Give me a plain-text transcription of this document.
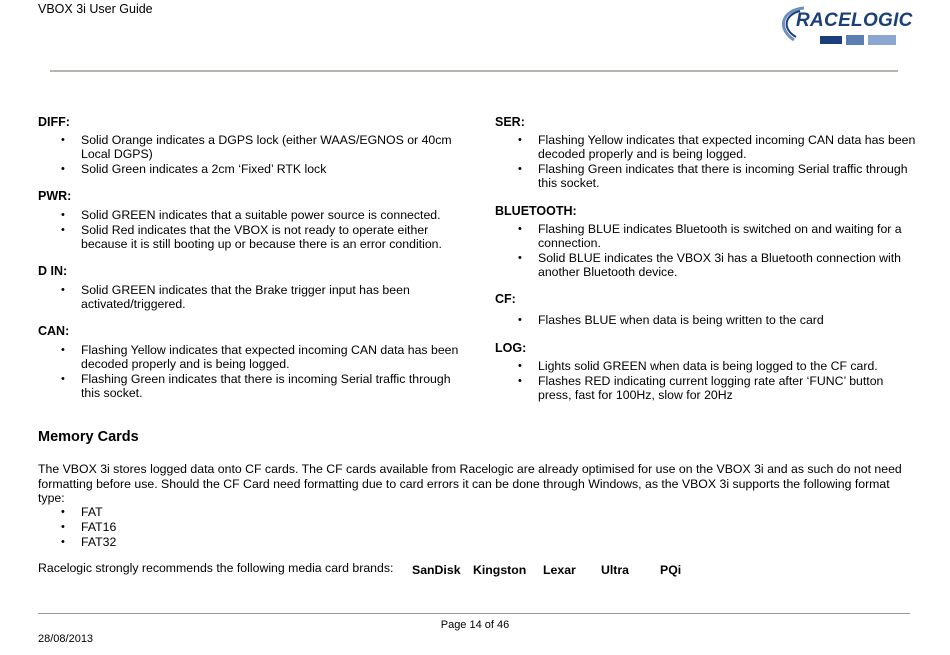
VBOX 3i User Guide
RACELOGIC
DIFF:
• Solid Orange indicates a DGPS lock (either WAAS/EGNOS or 40cm Local DGPS)
• Solid Green indicates a 2cm ‘Fixed’ RTK lock
PWR:
• Solid GREEN indicates that a suitable power source is connected.
• Solid Red indicates that the VBOX is not ready to operate either because it is still booting up or because there is an error condition.
D IN:
• Solid GREEN indicates that the Brake trigger input has been activated/triggered.
CAN:
• Flashing Yellow indicates that expected incoming CAN data has been decoded properly and is being logged.
• Flashing Green indicates that there is incoming Serial traffic through this socket.
SER:
• Flashing Yellow indicates that expected incoming CAN data has been decoded properly and is being logged.
• Flashing Green indicates that there is incoming Serial traffic through this socket.
BLUETOOTH:
• Flashing BLUE indicates Bluetooth is switched on and waiting for a connection.
• Solid BLUE indicates the VBOX 3i has a Bluetooth connection with another Bluetooth device.
CF:
• Flashes BLUE when data is being written to the card
LOG:
• Lights solid GREEN when data is being logged to the CF card.
• Flashes RED indicating current logging rate after ‘FUNC’ button press, fast for 100Hz, slow for 20Hz
Memory Cards
The VBOX 3i stores logged data onto CF cards. The CF cards available from Racelogic are already optimised for use on the VBOX 3i and as such do not need formatting before use. Should the CF Card need formatting due to card errors it can be done through Windows, as the VBOX 3i supports the following format type:
• FAT
• FAT16
• FAT32
Racelogic strongly recommends the following media card brands: SanDisk Kingston Lexar Ultra	PQi
Page 14 of 46
28/08/2013
